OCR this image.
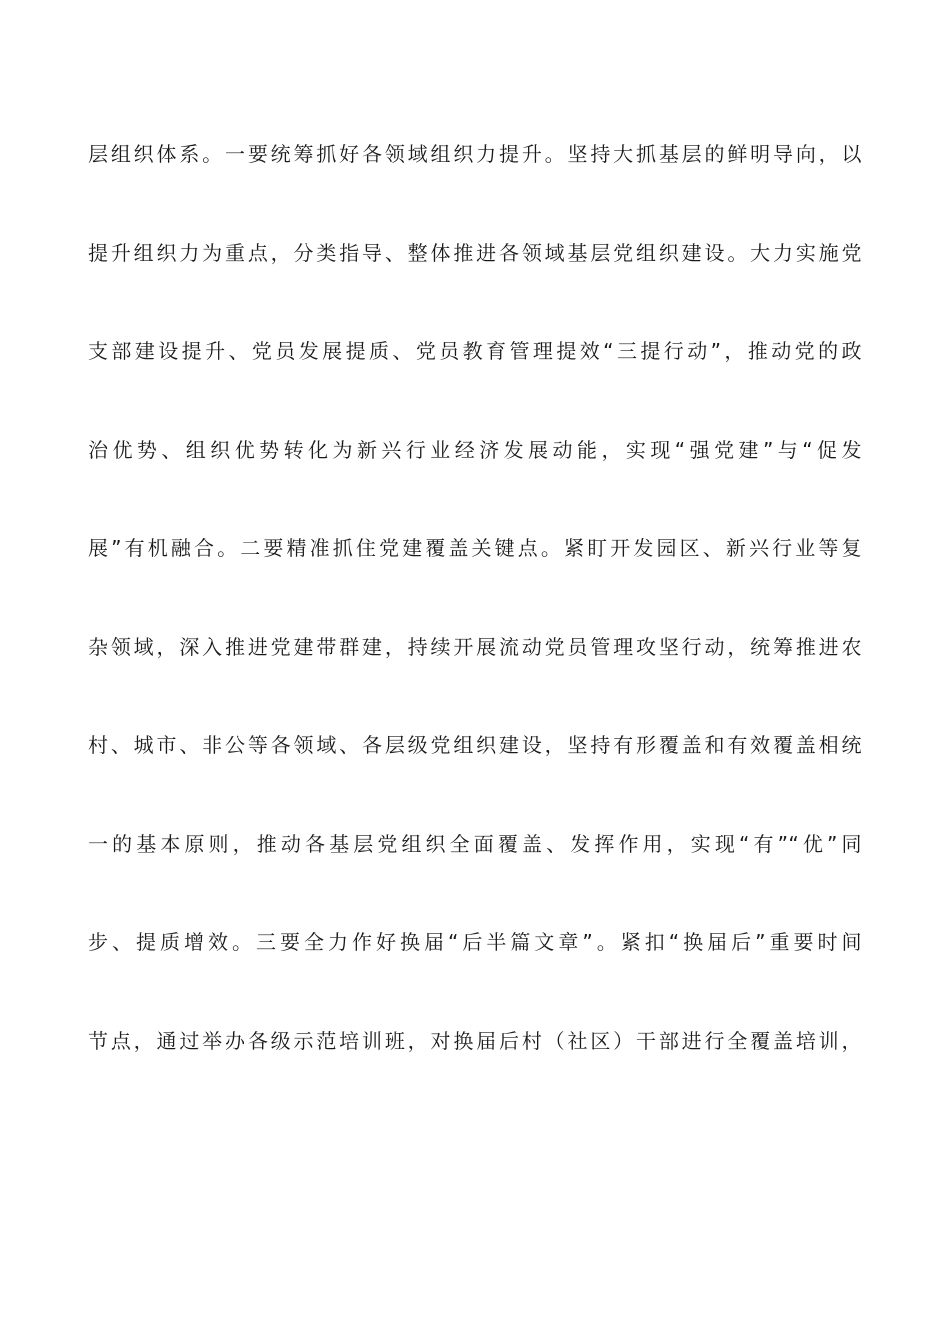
层组织体系。一要统筹抓好各领域组织力提升。坚持大抓基层的鲜明导向，以
提升组织力为重点，分类指导、整体推进各领域基层党组织建设。大力实施党
支部建设提升、党员发展提质、党员教育管理提效“三提行动”，推动党的政
治优势、组织优势转化为新兴行业经济发展动能，实现“强党建”与“促发
展”有机融合。二要精准抓住党建覆盖关键点。紧盯开发园区、新兴行业等复
杂领域，深入推进党建带群建，持续开展流动党员管理攻坚行动，统筹推进农
村、城市、非公等各领域、各层级党组织建设，坚持有形覆盖和有效覆盖相统
一的基本原则，推动各基层党组织全面覆盖、发挥作用，实现“有”“优”同
步、提质增效。三要全力作好换届“后半篇文章”。紧扣“换届后”重要时间
节点，通过举办各级示范培训班，对换届后村（社区）干部进行全覆盖培训，
